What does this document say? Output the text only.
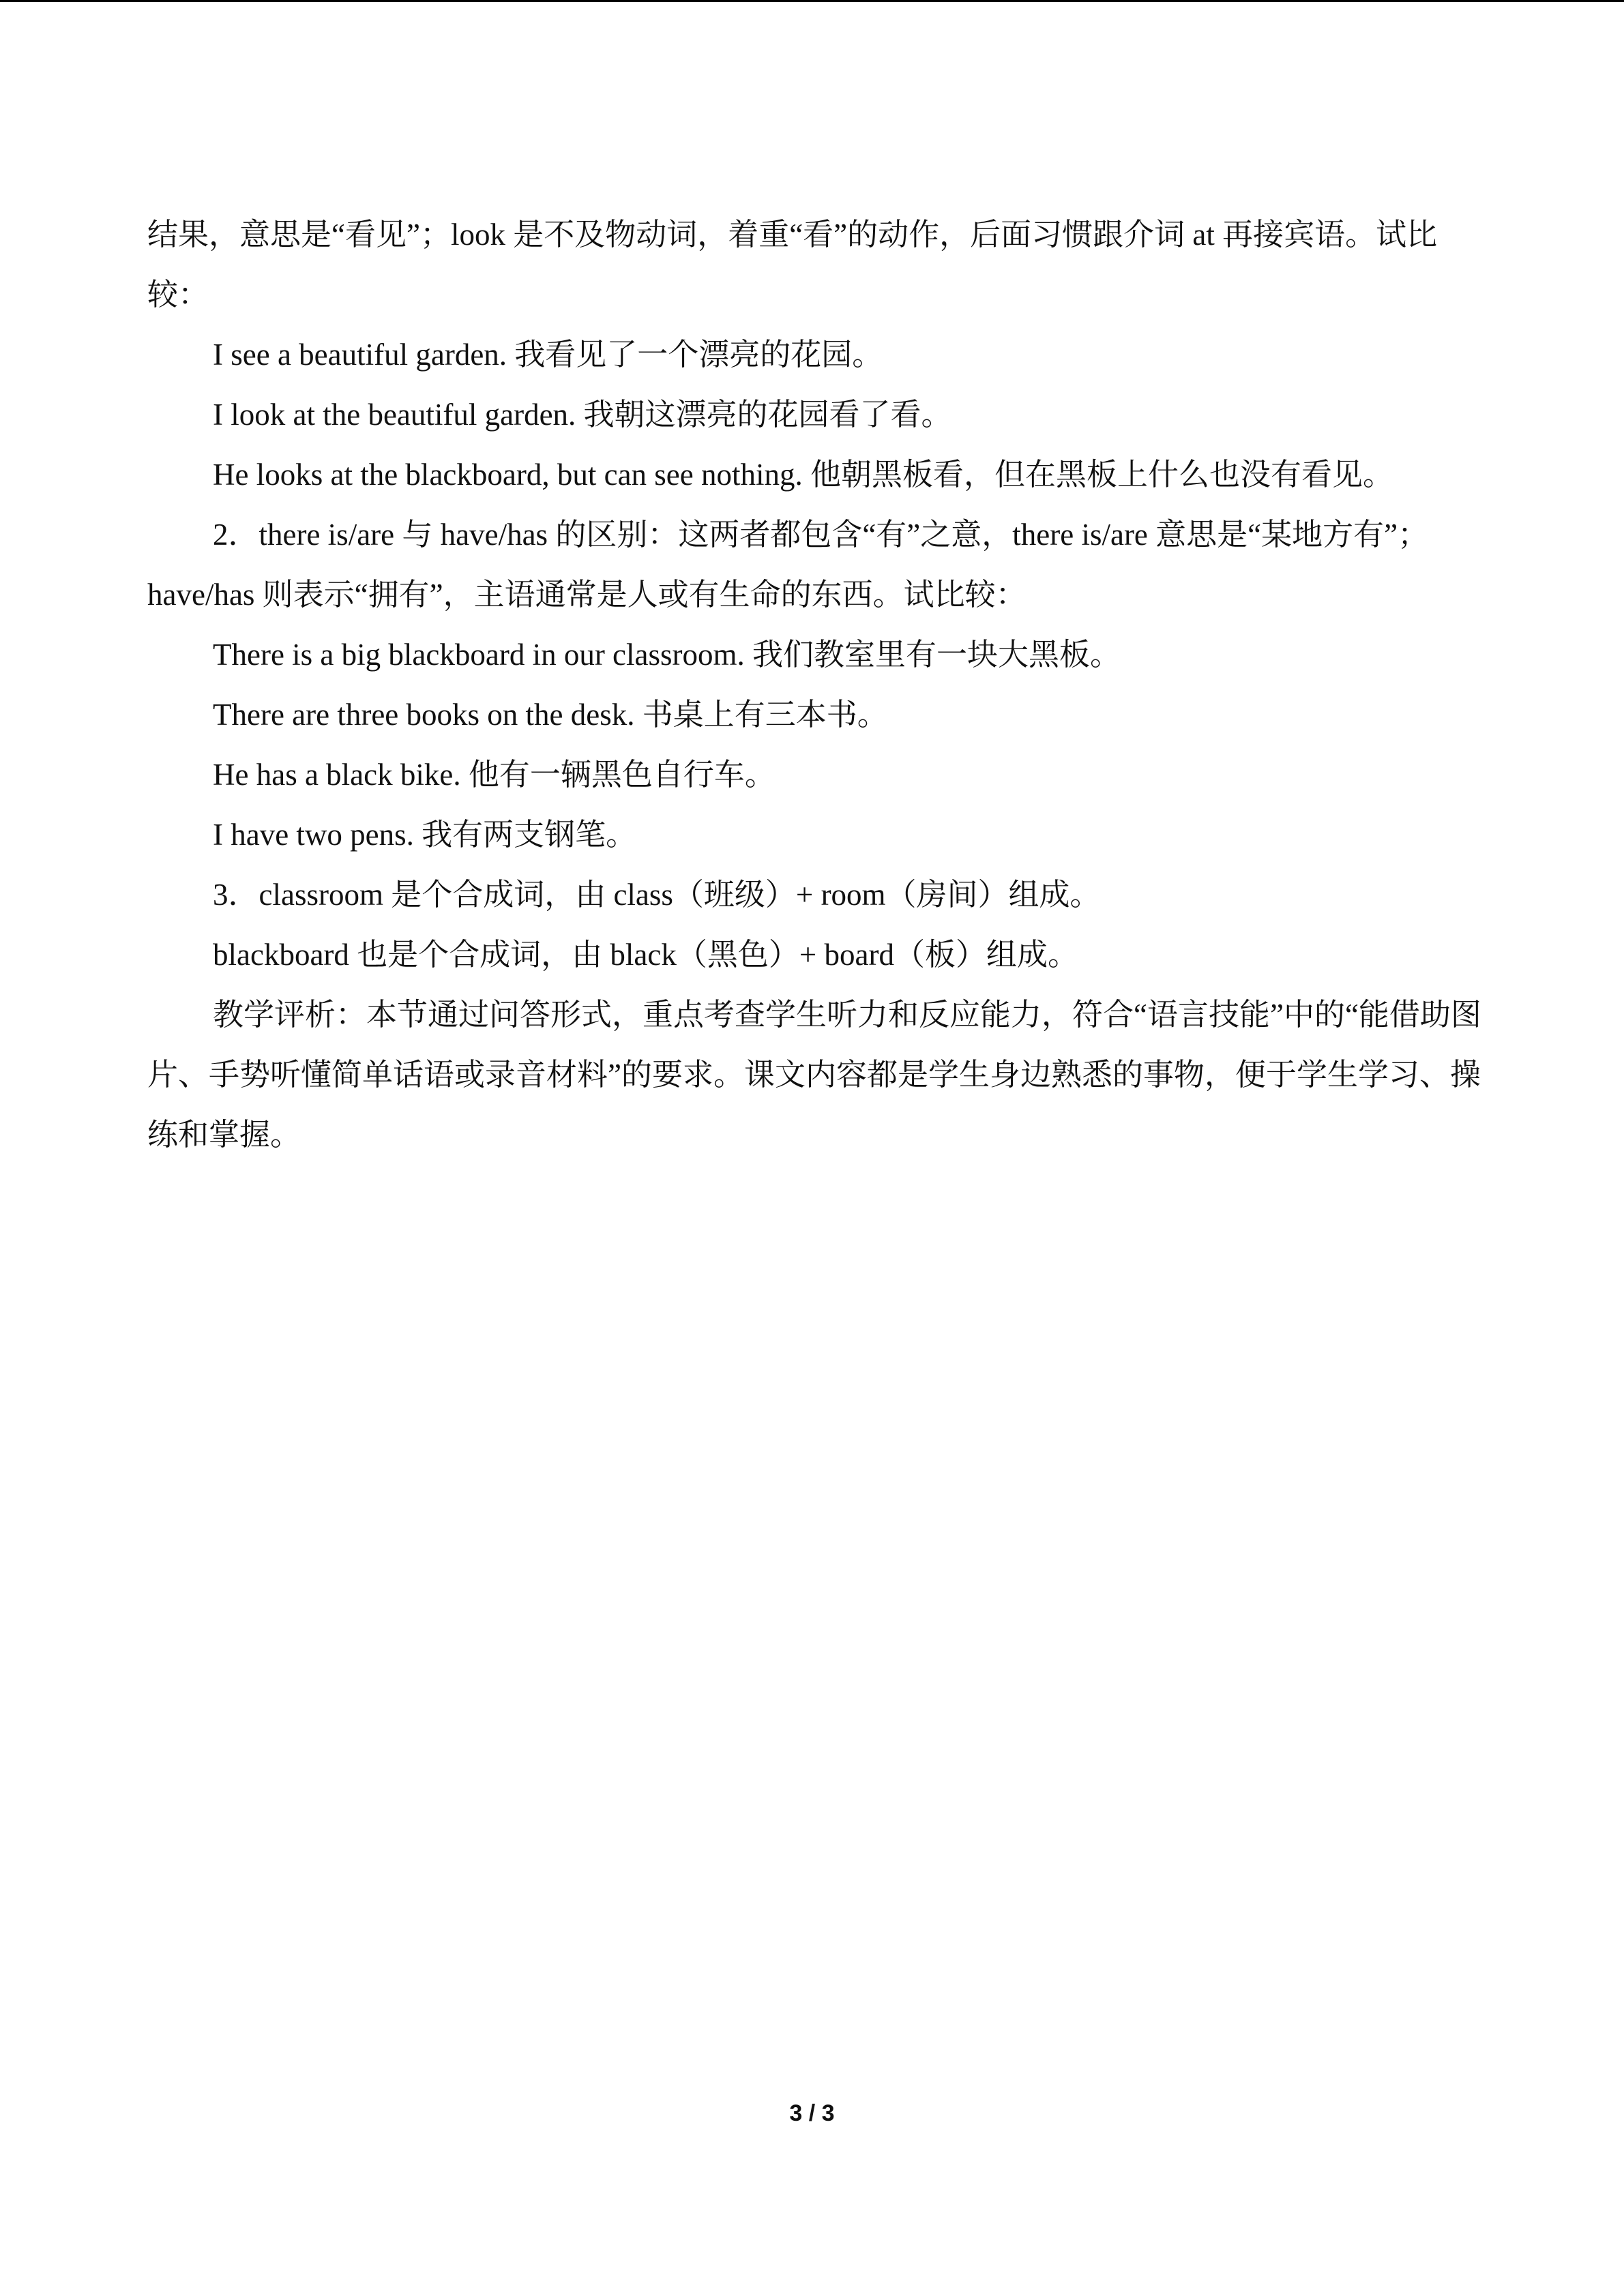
结果，意思是“看见”；look 是不及物动词，着重“看”的动作，后面习惯跟介词 at 再接宾语。试比较：

I see a beautiful garden. 我看见了一个漂亮的花园。

I look at the beautiful garden. 我朝这漂亮的花园看了看。

He looks at the blackboard, but can see nothing. 他朝黑板看，但在黑板上什么也没有看见。

2．there is/are 与 have/has 的区别：这两者都包含“有”之意，there is/are 意思是“某地方有”；have/has 则表示“拥有”，主语通常是人或有生命的东西。试比较：

There is a big blackboard in our classroom. 我们教室里有一块大黑板。

There are three books on the desk. 书桌上有三本书。

He has a black bike. 他有一辆黑色自行车。

I have two pens. 我有两支钢笔。

3．classroom 是个合成词，由 class（班级）+ room（房间）组成。

blackboard 也是个合成词，由 black（黑色）+ board（板）组成。

教学评析：本节通过问答形式，重点考查学生听力和反应能力，符合“语言技能”中的“能借助图片、手势听懂简单话语或录音材料”的要求。课文内容都是学生身边熟悉的事物，便于学生学习、操练和掌握。

3 / 3
